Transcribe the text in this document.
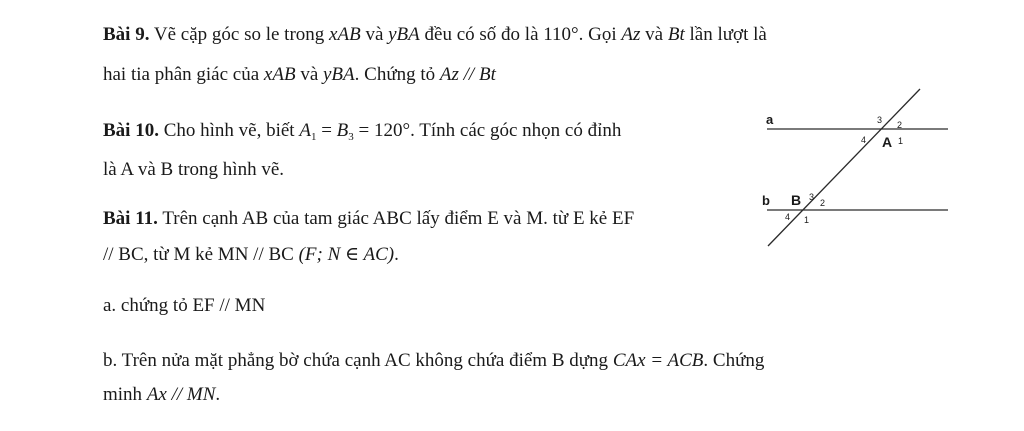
Bài 9. Vẽ cặp góc so le trong xAB và yBA đều có số đo là 110°. Gọi Az và Bt lần lượt là
hai tia phân giác của xAB và yBA. Chứng tỏ Az // Bt
Bài 10. Cho hình vẽ, biết $A_1 = B_3 = 120^\circ$. Tính các góc nhọn có đỉnh
là A và B trong hình vẽ.
Bài 11. Trên cạnh AB của tam giác ABC lấy điểm E và M. từ E kẻ EF
// BC, từ M kẻ MN // BC (F; N ∈ AC).
a. chứng tỏ EF // MN
b. Trên nửa mặt phẳng bờ chứa cạnh AC không chứa điểm B dựng CAx = ACB. Chứng
minh Ax // MN.
a
b
A 1
2
3
4
B 3
2
1
4
